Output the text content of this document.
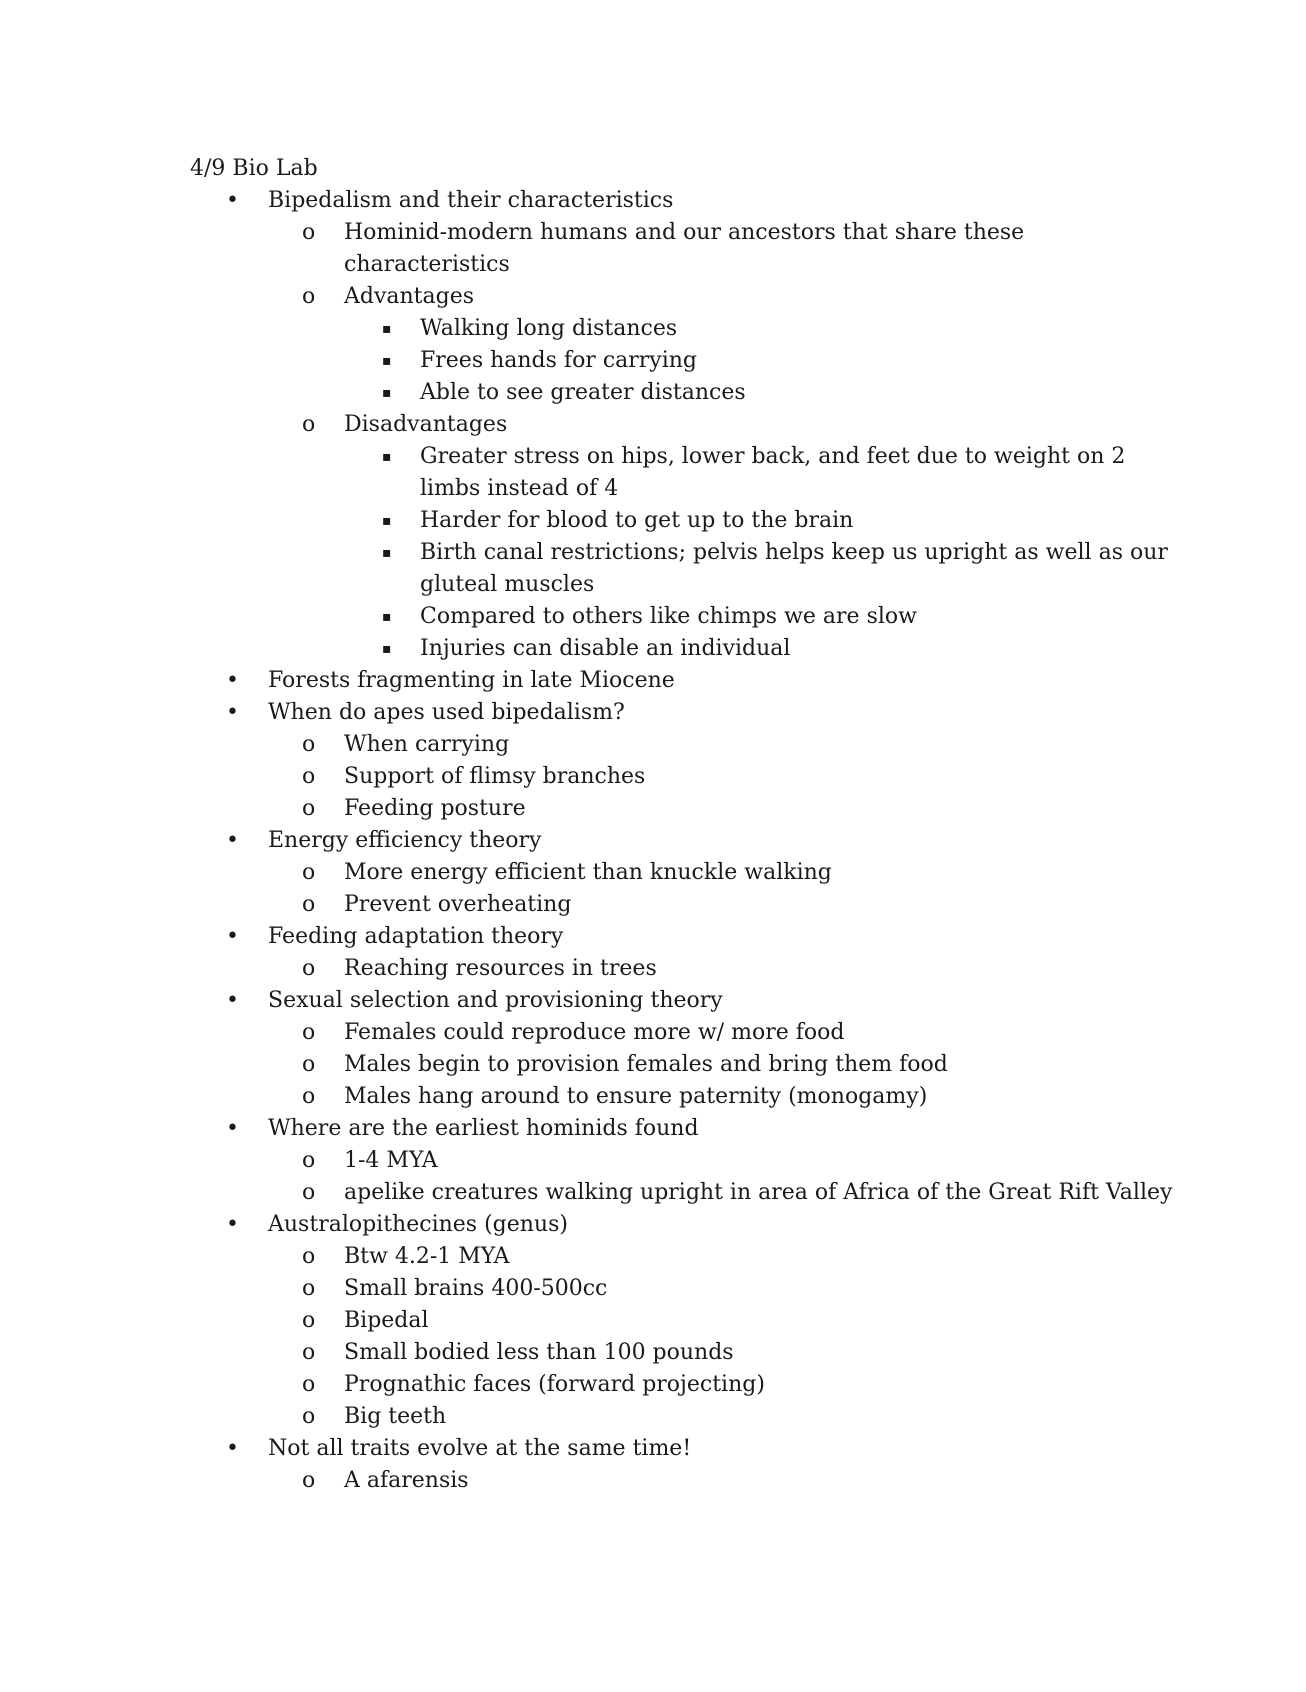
4/9 Bio Lab
• Bipedalism and their characteristics
o Hominid-modern humans and our ancestors that share these characteristics
o Advantages
▪ Walking long distances
▪ Frees hands for carrying
▪ Able to see greater distances
o Disadvantages
▪ Greater stress on hips, lower back, and feet due to weight on 2 limbs instead of 4
▪ Harder for blood to get up to the brain
▪ Birth canal restrictions; pelvis helps keep us upright as well as our gluteal muscles
▪ Compared to others like chimps we are slow
▪ Injuries can disable an individual
• Forests fragmenting in late Miocene
• When do apes used bipedalism?
o When carrying
o Support of flimsy branches
o Feeding posture
• Energy efficiency theory
o More energy efficient than knuckle walking
o Prevent overheating
• Feeding adaptation theory
o Reaching resources in trees
• Sexual selection and provisioning theory
o Females could reproduce more w/ more food
o Males begin to provision females and bring them food
o Males hang around to ensure paternity (monogamy)
• Where are the earliest hominids found
o 1-4 MYA
o apelike creatures walking upright in area of Africa of the Great Rift Valley
• Australopithecines (genus)
o Btw 4.2-1 MYA
o Small brains 400-500cc
o Bipedal
o Small bodied less than 100 pounds
o Prognathic faces (forward projecting)
o Big teeth
• Not all traits evolve at the same time!
o A afarensis
